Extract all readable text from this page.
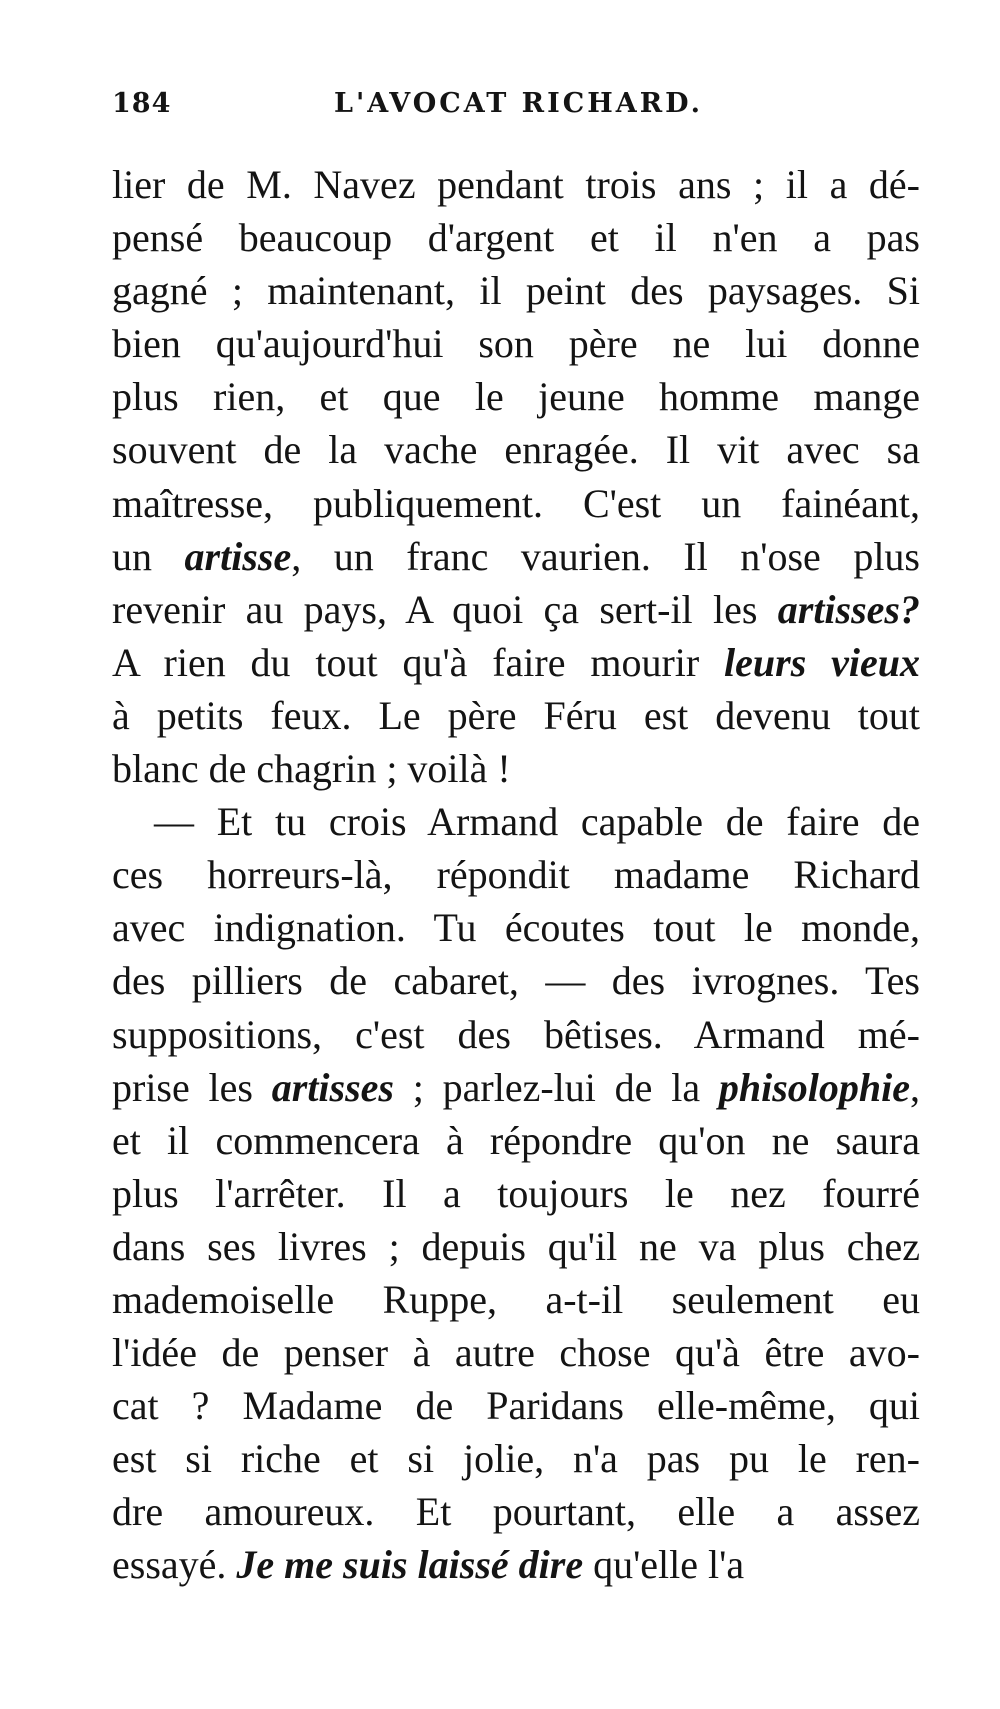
184	L'AVOCAT RICHARD.
lier de M. Navez pendant trois ans ; il a dé-
pensé beaucoup d'argent et il n'en a pas
gagné ; maintenant, il peint des paysages. Si
bien qu'aujourd'hui son père ne lui donne
plus rien, et que le jeune homme mange
souvent de la vache enragée. Il vit avec sa
maîtresse, publiquement. C'est un fainéant,
un artisse, un franc vaurien. Il n'ose plus
revenir au pays, A quoi ça sert-il les artisses?
A rien du tout qu'à faire mourir leurs vieux
à petits feux. Le père Féru est devenu tout
blanc de chagrin ; voilà !
— Et tu crois Armand capable de faire de
ces horreurs-là, répondit madame Richard
avec indignation. Tu écoutes tout le monde,
des pilliers de cabaret, — des ivrognes. Tes
suppositions, c'est des bêtises. Armand mé-
prise les artisses ; parlez-lui de la phisolophie,
et il commencera à répondre qu'on ne saura
plus l'arrêter. Il a toujours le nez fourré
dans ses livres ; depuis qu'il ne va plus chez
mademoiselle Ruppe, a-t-il seulement eu
l'idée de penser à autre chose qu'à être avo-
cat ? Madame de Paridans elle-même, qui
est si riche et si jolie, n'a pas pu le ren-
dre amoureux. Et pourtant, elle a assez
essayé. Je me suis laissé dire qu'elle l'a
